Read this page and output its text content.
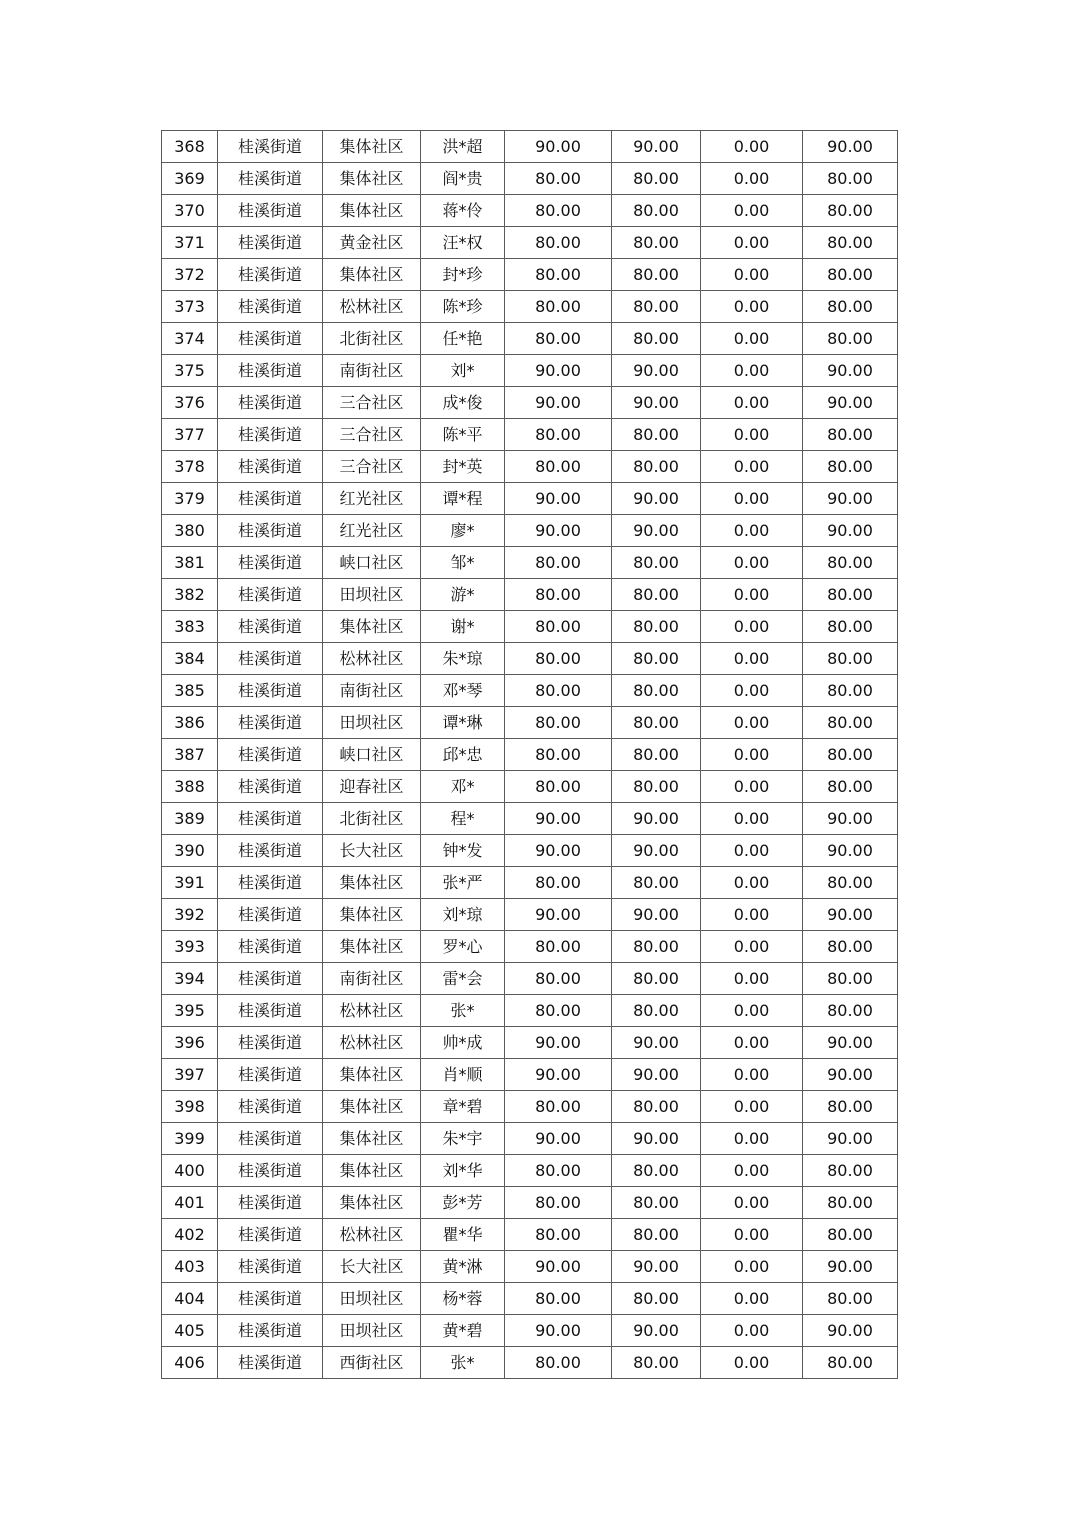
368	桂溪街道	集体社区	洪*超	90.00	90.00	0.00	90.00
369	桂溪街道	集体社区	阎*贵	80.00	80.00	0.00	80.00
370	桂溪街道	集体社区	蒋*伶	80.00	80.00	0.00	80.00
371	桂溪街道	黄金社区	汪*权	80.00	80.00	0.00	80.00
372	桂溪街道	集体社区	封*珍	80.00	80.00	0.00	80.00
373	桂溪街道	松林社区	陈*珍	80.00	80.00	0.00	80.00
374	桂溪街道	北街社区	任*艳	80.00	80.00	0.00	80.00
375	桂溪街道	南街社区	刘*	90.00	90.00	0.00	90.00
376	桂溪街道	三合社区	成*俊	90.00	90.00	0.00	90.00
377	桂溪街道	三合社区	陈*平	80.00	80.00	0.00	80.00
378	桂溪街道	三合社区	封*英	80.00	80.00	0.00	80.00
379	桂溪街道	红光社区	谭*程	90.00	90.00	0.00	90.00
380	桂溪街道	红光社区	廖*	90.00	90.00	0.00	90.00
381	桂溪街道	峡口社区	邹*	80.00	80.00	0.00	80.00
382	桂溪街道	田坝社区	游*	80.00	80.00	0.00	80.00
383	桂溪街道	集体社区	谢*	80.00	80.00	0.00	80.00
384	桂溪街道	松林社区	朱*琼	80.00	80.00	0.00	80.00
385	桂溪街道	南街社区	邓*琴	80.00	80.00	0.00	80.00
386	桂溪街道	田坝社区	谭*琳	80.00	80.00	0.00	80.00
387	桂溪街道	峡口社区	邱*忠	80.00	80.00	0.00	80.00
388	桂溪街道	迎春社区	邓*	80.00	80.00	0.00	80.00
389	桂溪街道	北街社区	程*	90.00	90.00	0.00	90.00
390	桂溪街道	长大社区	钟*发	90.00	90.00	0.00	90.00
391	桂溪街道	集体社区	张*严	80.00	80.00	0.00	80.00
392	桂溪街道	集体社区	刘*琼	90.00	90.00	0.00	90.00
393	桂溪街道	集体社区	罗*心	80.00	80.00	0.00	80.00
394	桂溪街道	南街社区	雷*会	80.00	80.00	0.00	80.00
395	桂溪街道	松林社区	张*	80.00	80.00	0.00	80.00
396	桂溪街道	松林社区	帅*成	90.00	90.00	0.00	90.00
397	桂溪街道	集体社区	肖*顺	90.00	90.00	0.00	90.00
398	桂溪街道	集体社区	章*碧	80.00	80.00	0.00	80.00
399	桂溪街道	集体社区	朱*宇	90.00	90.00	0.00	90.00
400	桂溪街道	集体社区	刘*华	80.00	80.00	0.00	80.00
401	桂溪街道	集体社区	彭*芳	80.00	80.00	0.00	80.00
402	桂溪街道	松林社区	瞿*华	80.00	80.00	0.00	80.00
403	桂溪街道	长大社区	黄*淋	90.00	90.00	0.00	90.00
404	桂溪街道	田坝社区	杨*蓉	80.00	80.00	0.00	80.00
405	桂溪街道	田坝社区	黄*碧	90.00	90.00	0.00	90.00
406	桂溪街道	西街社区	张*	80.00	80.00	0.00	80.00
